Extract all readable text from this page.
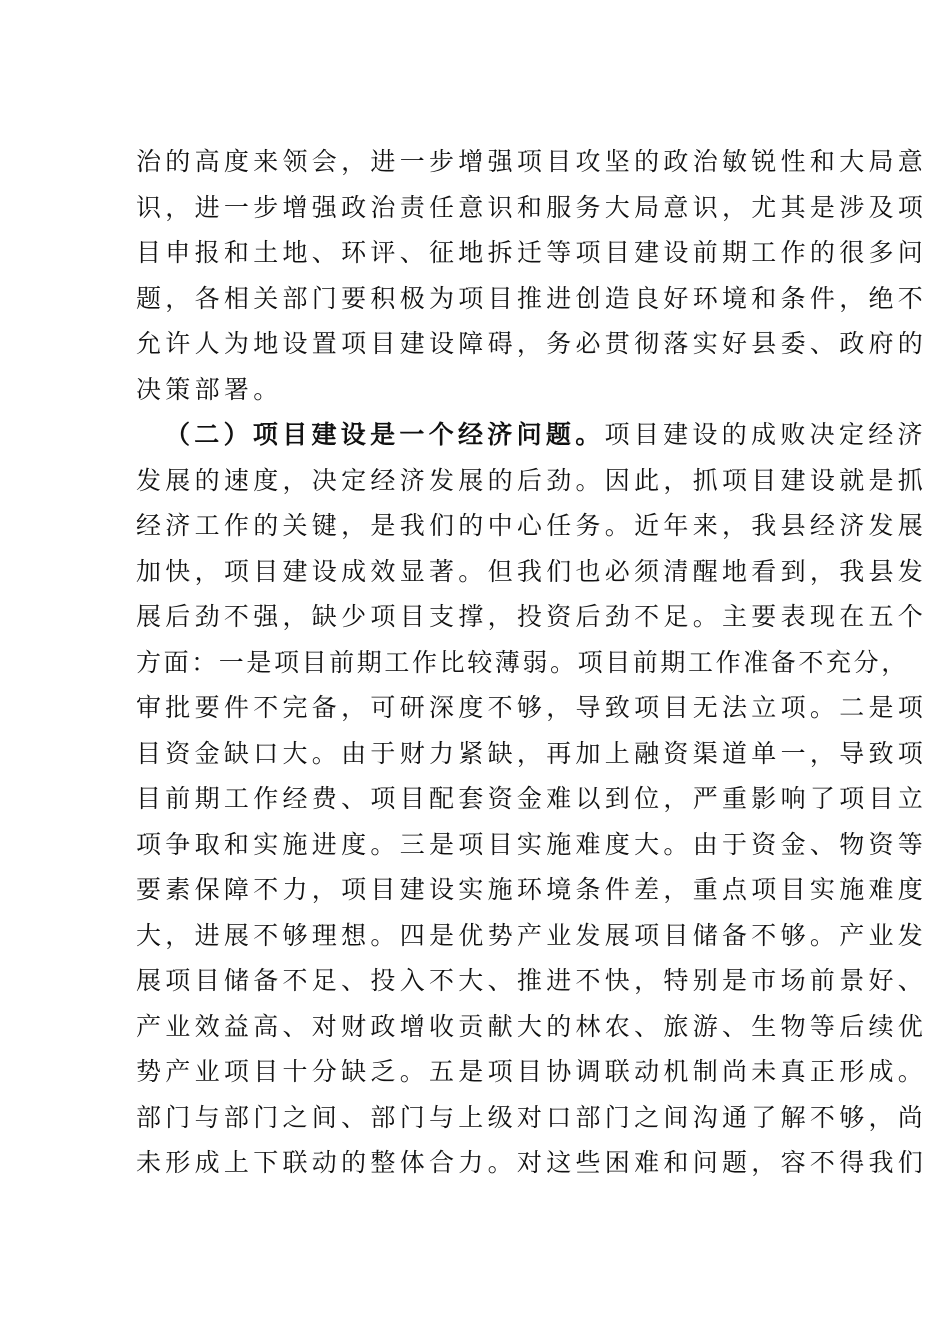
治的高度来领会，进一步增强项目攻坚的政治敏锐性和大局意
识，进一步增强政治责任意识和服务大局意识，尤其是涉及项
目申报和土地、环评、征地拆迁等项目建设前期工作的很多问
题，各相关部门要积极为项目推进创造良好环境和条件，绝不
允许人为地设置项目建设障碍，务必贯彻落实好县委、政府的
决策部署。
（二）项目建设是一个经济问题。项目建设的成败决定经济
发展的速度，决定经济发展的后劲。因此，抓项目建设就是抓
经济工作的关键，是我们的中心任务。近年来，我县经济发展
加快，项目建设成效显著。但我们也必须清醒地看到，我县发
展后劲不强，缺少项目支撑，投资后劲不足。主要表现在五个
方面：一是项目前期工作比较薄弱。项目前期工作准备不充分，
审批要件不完备，可研深度不够，导致项目无法立项。二是项
目资金缺口大。由于财力紧缺，再加上融资渠道单一，导致项
目前期工作经费、项目配套资金难以到位，严重影响了项目立
项争取和实施进度。三是项目实施难度大。由于资金、物资等
要素保障不力，项目建设实施环境条件差，重点项目实施难度
大，进展不够理想。四是优势产业发展项目储备不够。产业发
展项目储备不足、投入不大、推进不快，特别是市场前景好、
产业效益高、对财政增收贡献大的林农、旅游、生物等后续优
势产业项目十分缺乏。五是项目协调联动机制尚未真正形成。
部门与部门之间、部门与上级对口部门之间沟通了解不够，尚
未形成上下联动的整体合力。对这些困难和问题，容不得我们
